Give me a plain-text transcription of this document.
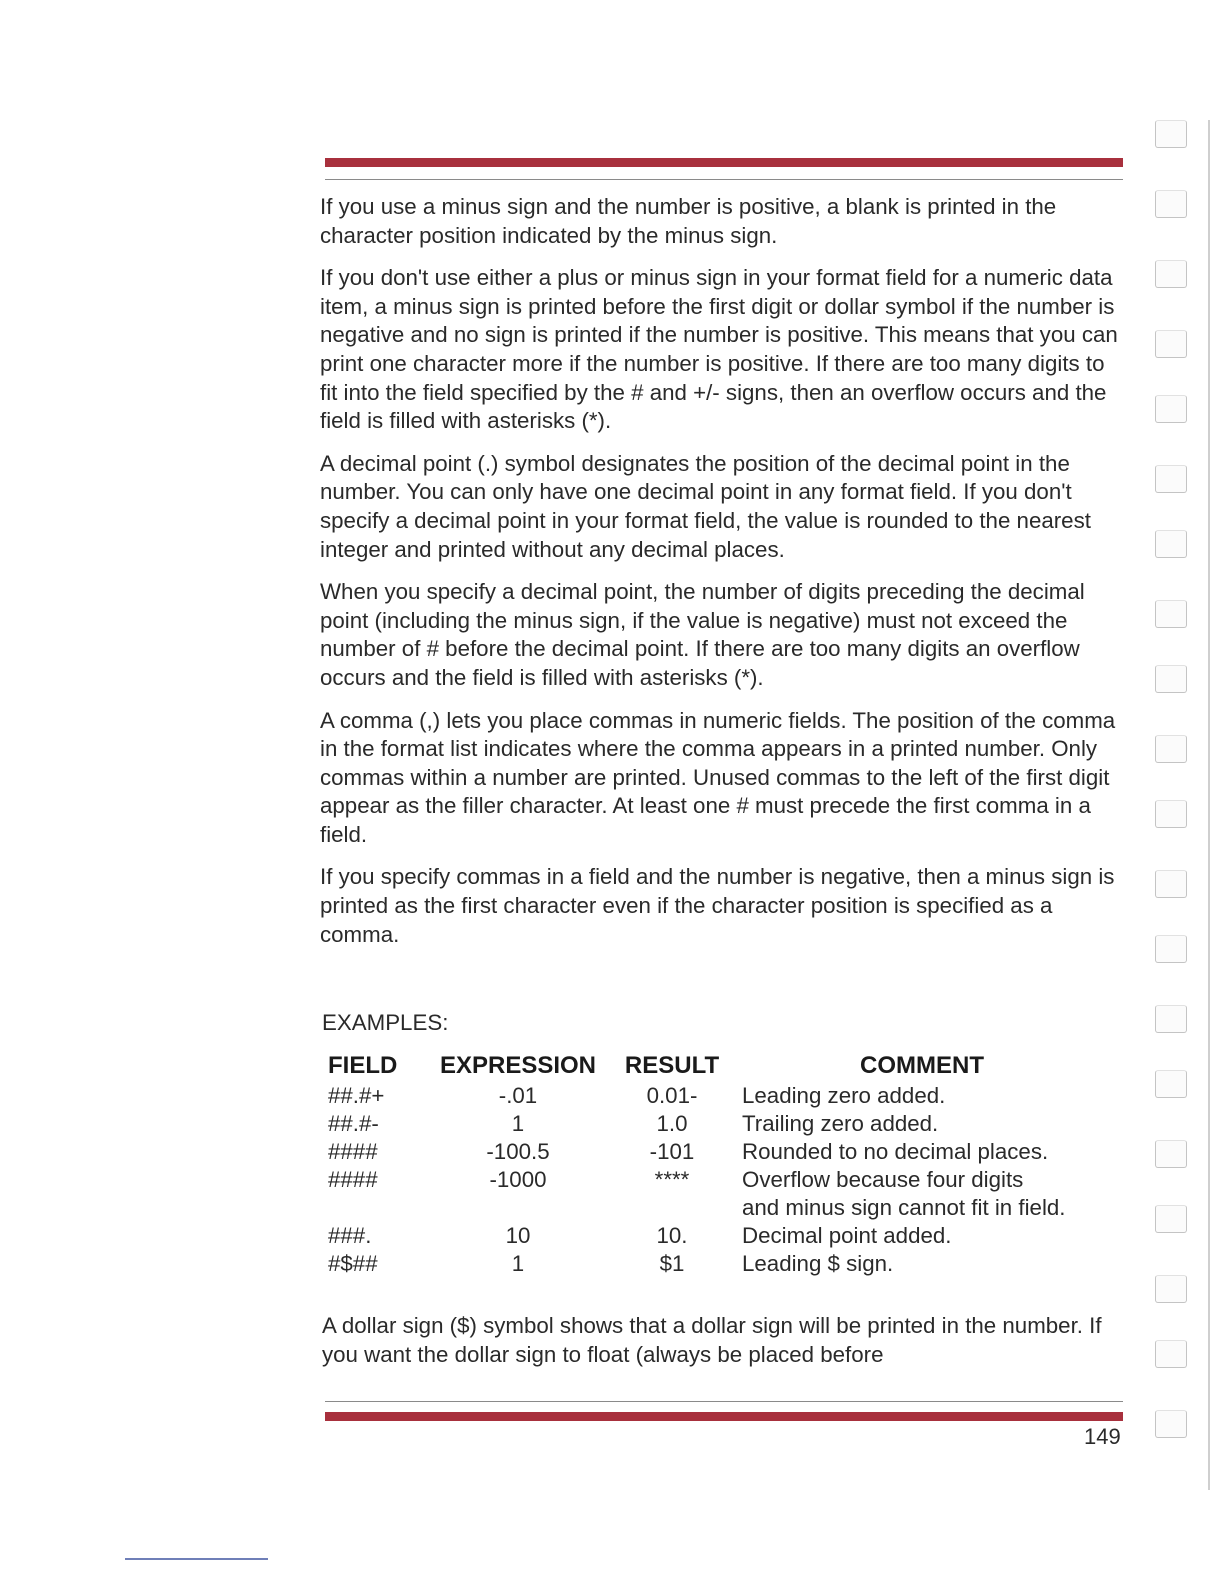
If you use a minus sign and the number is positive, a blank is printed in the character position indicated by the minus sign.

If you don't use either a plus or minus sign in your format field for a numeric data item, a minus sign is printed before the first digit or dollar symbol if the number is negative and no sign is printed if the number is positive. This means that you can print one character more if the number is positive. If there are too many digits to fit into the field specified by the # and +/- signs, then an overflow occurs and the field is filled with asterisks (*).

A decimal point (.) symbol designates the position of the decimal point in the number. You can only have one decimal point in any format field. If you don't specify a decimal point in your format field, the value is rounded to the nearest integer and printed without any decimal places.

When you specify a decimal point, the number of digits preceding the decimal point (including the minus sign, if the value is negative) must not exceed the number of # before the decimal point. If there are too many digits an overflow occurs and the field is filled with asterisks (*).

A comma (,) lets you place commas in numeric fields. The position of the comma in the format list indicates where the comma appears in a printed number. Only commas within a number are printed. Unused commas to the left of the first digit appear as the filler character. At least one # must precede the first comma in a field.

If you specify commas in a field and the number is negative, then a minus sign is printed as the first character even if the character position is specified as a comma.

EXAMPLES:
FIELD	EXPRESSION	RESULT	COMMENT
##.#+	-.01	0.01-	Leading zero added.
##.#-	1	1.0	Trailing zero added.
####	-100.5	-101	Rounded to no decimal places.
####	-1000	****	Overflow because four digits
and minus sign cannot fit in field.
###.	10	10.	Decimal point added.
#$##	1	$1	Leading $ sign.
A dollar sign ($) symbol shows that a dollar sign will be printed in the number. If you want the dollar sign to float (always be placed before
149
